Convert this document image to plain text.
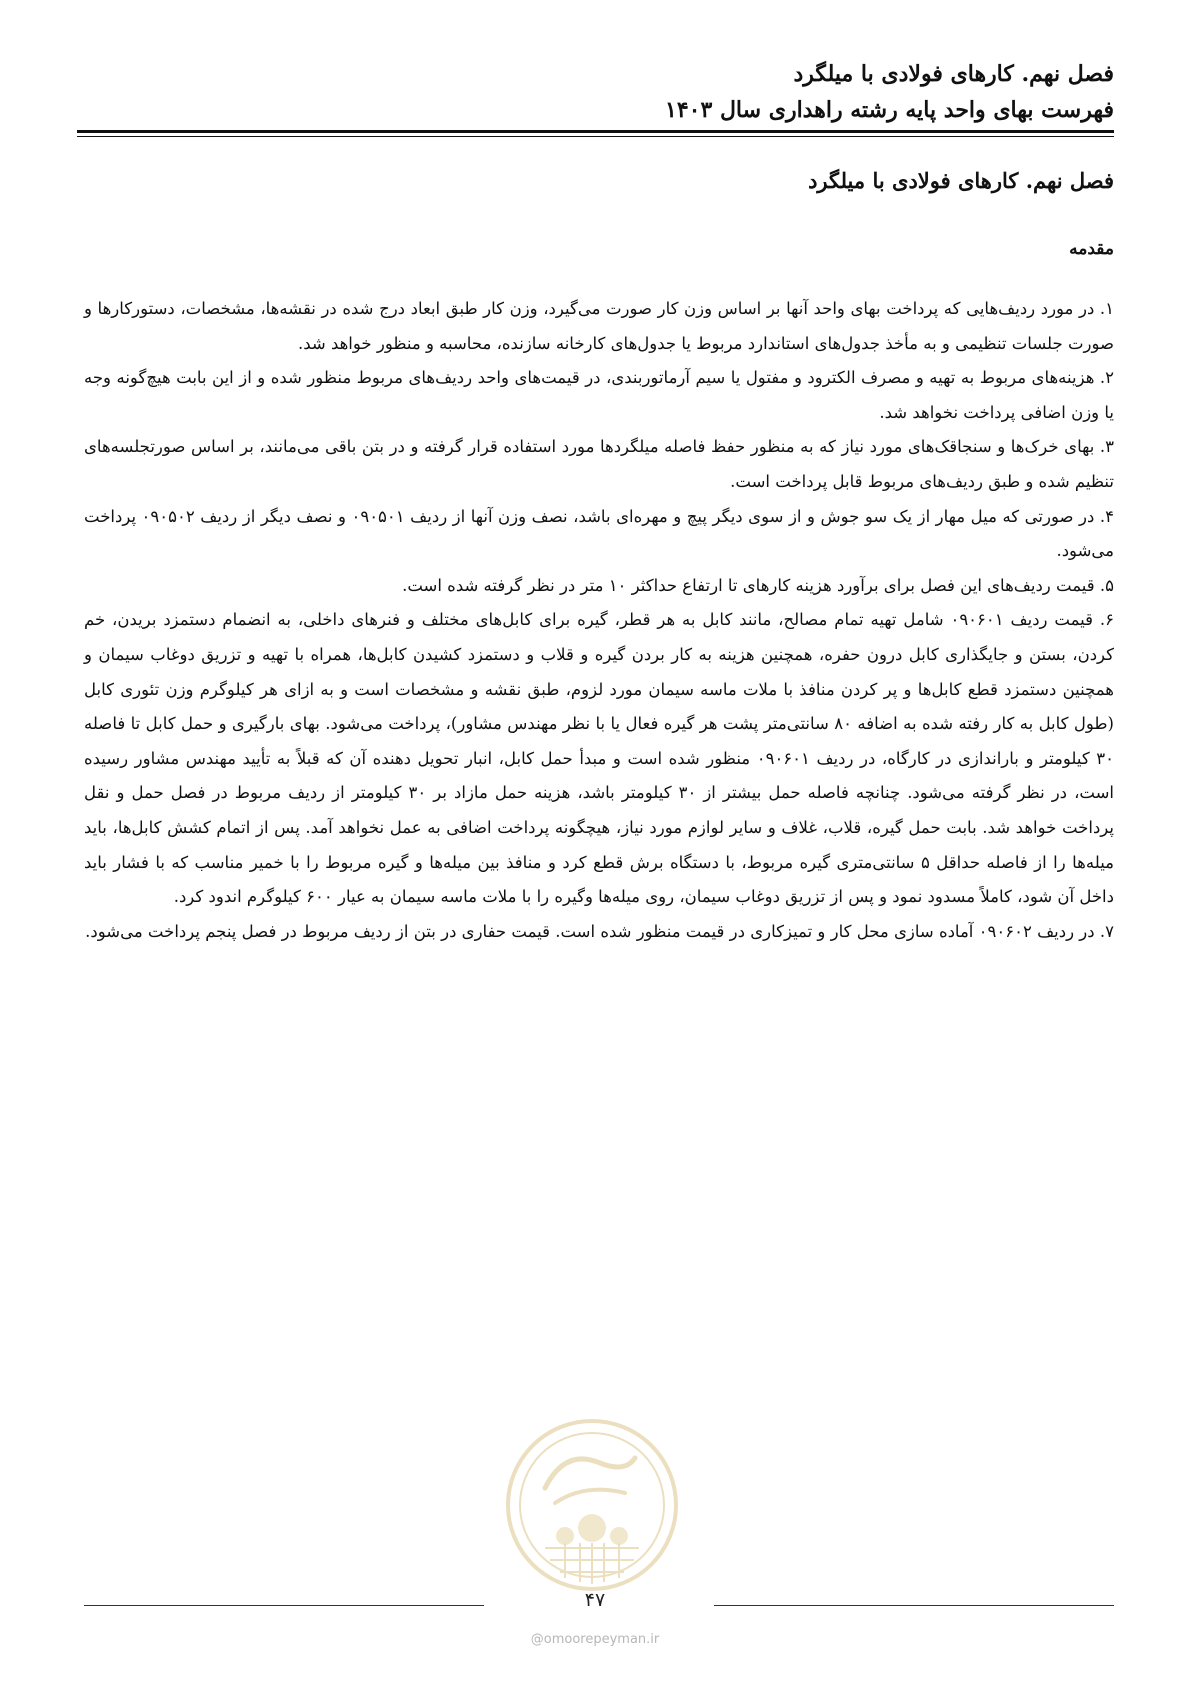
فصل نهم. کارهای فولادی با میلگرد
فهرست بهای واحد پایه رشته راهداری سال ۱۴۰۳
فصل نهم. کارهای فولادی با میلگرد
مقدمه

۱. در مورد ردیف‌هایی که پرداخت بهای واحد آنها بر اساس وزن کار صورت می‌گیرد، وزن کار طبق ابعاد درج شده در نقشه‌ها، مشخصات، دستورکارها و صورت جلسات تنظیمی و به مأخذ جدول‌های استاندارد مربوط یا جدول‌های کارخانه سازنده، محاسبه و منظور خواهد شد.

۲. هزینه‌های مربوط به تهیه و مصرف الکترود و مفتول یا سیم آرماتوربندی، در قیمت‌های واحد ردیف‌های مربوط منظور شده و از این بابت هیچ‌گونه وجه یا وزن اضافی پرداخت نخواهد شد.

۳. بهای خرک‌ها و سنجاقک‌های مورد نیاز که به منظور حفظ فاصله میلگردها مورد استفاده قرار گرفته و در بتن باقی می‌مانند، بر اساس صورتجلسه‌های تنظیم شده و طبق ردیف‌های مربوط قابل پرداخت است.

۴. در صورتی که میل مهار از یک سو جوش و از سوی دیگر پیچ و مهره‌ای باشد، نصف وزن آنها از ردیف ۰۹۰۵۰۱ و نصف دیگر از ردیف ۰۹۰۵۰۲ پرداخت می‌شود.

۵. قیمت ردیف‌های این فصل برای برآورد هزینه کارهای تا ارتفاع حداکثر ۱۰ متر در نظر گرفته شده است.

۶. قیمت ردیف ۰۹۰۶۰۱ شامل تهیه تمام مصالح، مانند کابل به هر قطر، گیره برای کابل‌های مختلف و فنرهای داخلی، به انضمام دستمزد بریدن، خم کردن، بستن و جایگذاری کابل درون حفره، همچنین هزینه به کار بردن گیره و قلاب و دستمزد کشیدن کابل‌ها، همراه با تهیه و تزریق دوغاب سیمان و همچنین دستمزد قطع کابل‌ها و پر کردن منافذ با ملات ماسه سیمان مورد لزوم، طبق نقشه و مشخصات است و به ازای هر کیلوگرم وزن تئوری کابل (طول کابل به کار رفته شده به اضافه ۸۰ سانتی‌متر پشت هر گیره فعال یا با نظر مهندس مشاور)، پرداخت می‌شود. بهای بارگیری و حمل کابل تا فاصله ۳۰ کیلومتر و باراندازی در کارگاه، در ردیف ۰۹۰۶۰۱ منظور شده است و مبدأ حمل کابل، انبار تحویل دهنده آن که قبلاً به تأیید مهندس مشاور رسیده است، در نظر گرفته می‌شود. چنانچه فاصله حمل بیشتر از ۳۰ کیلومتر باشد، هزینه حمل مازاد بر ۳۰ کیلومتر از ردیف مربوط در فصل حمل و نقل پرداخت خواهد شد. بابت حمل گیره، قلاب، غلاف و سایر لوازم مورد نیاز، هیچگونه پرداخت اضافی به عمل نخواهد آمد. پس از اتمام کشش کابل‌ها، باید میله‌ها را از فاصله حداقل ۵ سانتی‌متری گیره مربوط، با دستگاه برش قطع کرد و منافذ بین میله‌ها و گیره مربوط را با خمیر مناسب که با فشار باید داخل آن شود، کاملاً مسدود نمود و پس از تزریق دوغاب سیمان، روی میله‌ها وگیره را با ملات ماسه سیمان به عیار ۶۰۰ کیلوگرم اندود کرد.

۷. در ردیف ۰۹۰۶۰۲ آماده سازی محل کار و تمیزکاری در قیمت منظور شده است. قیمت حفاری در بتن از ردیف مربوط در فصل پنجم پرداخت می‌شود.

۴۷
@omoorepeyman.ir
